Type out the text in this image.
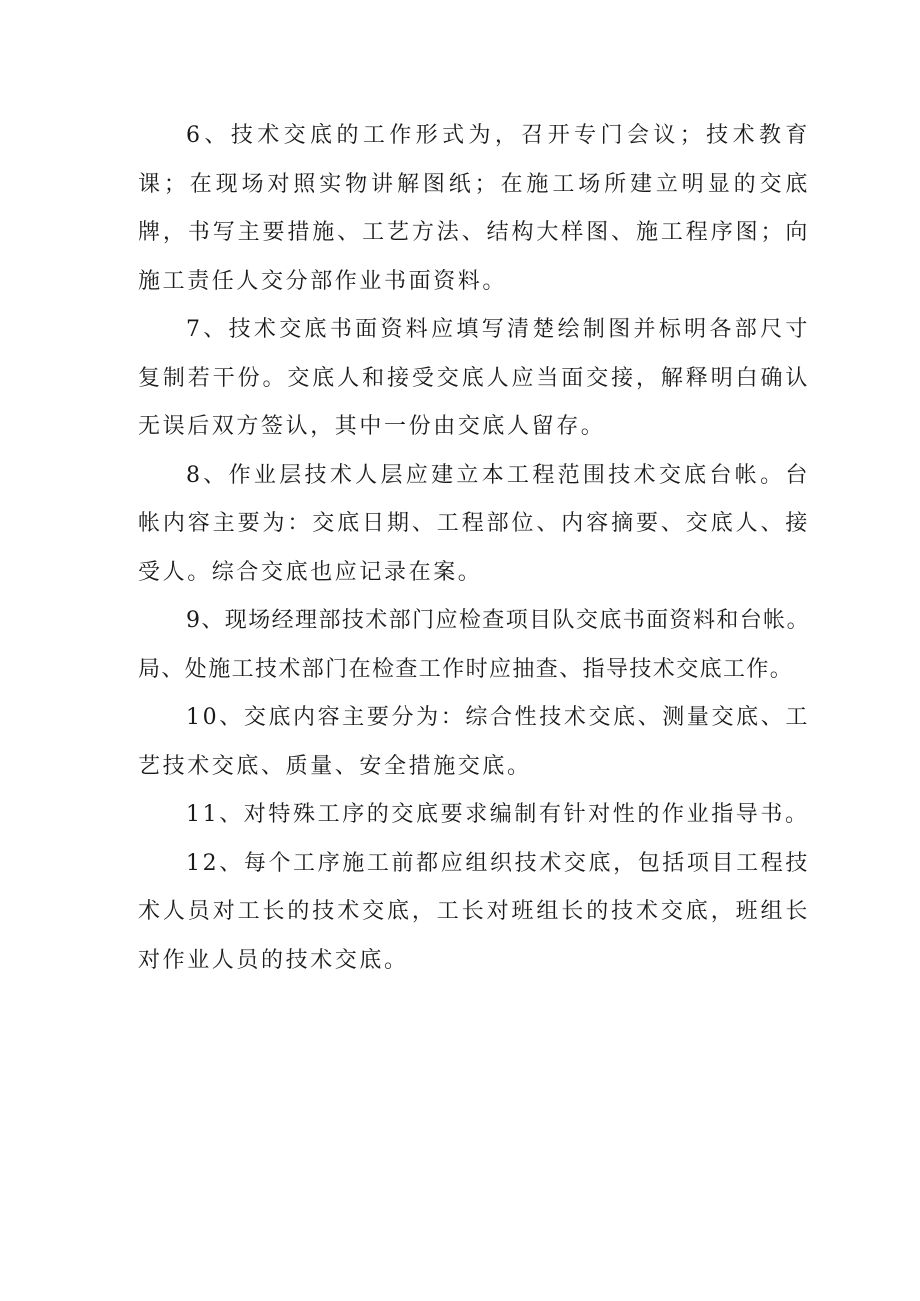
6、技术交底的工作形式为，召开专门会议；技术教育课；在现场对照实物讲解图纸；在施工场所建立明显的交底牌，书写主要措施、工艺方法、结构大样图、施工程序图；向施工责任人交分部作业书面资料。

7、技术交底书面资料应填写清楚绘制图并标明各部尺寸复制若干份。交底人和接受交底人应当面交接，解释明白确认无误后双方签认，其中一份由交底人留存。

8、作业层技术人层应建立本工程范围技术交底台帐。台帐内容主要为：交底日期、工程部位、内容摘要、交底人、接受人。综合交底也应记录在案。

9、现场经理部技术部门应检查项目队交底书面资料和台帐。局、处施工技术部门在检查工作时应抽查、指导技术交底工作。

10、交底内容主要分为：综合性技术交底、测量交底、工艺技术交底、质量、安全措施交底。

11、对特殊工序的交底要求编制有针对性的作业指导书。

12、每个工序施工前都应组织技术交底，包括项目工程技术人员对工长的技术交底，工长对班组长的技术交底，班组长对作业人员的技术交底。
